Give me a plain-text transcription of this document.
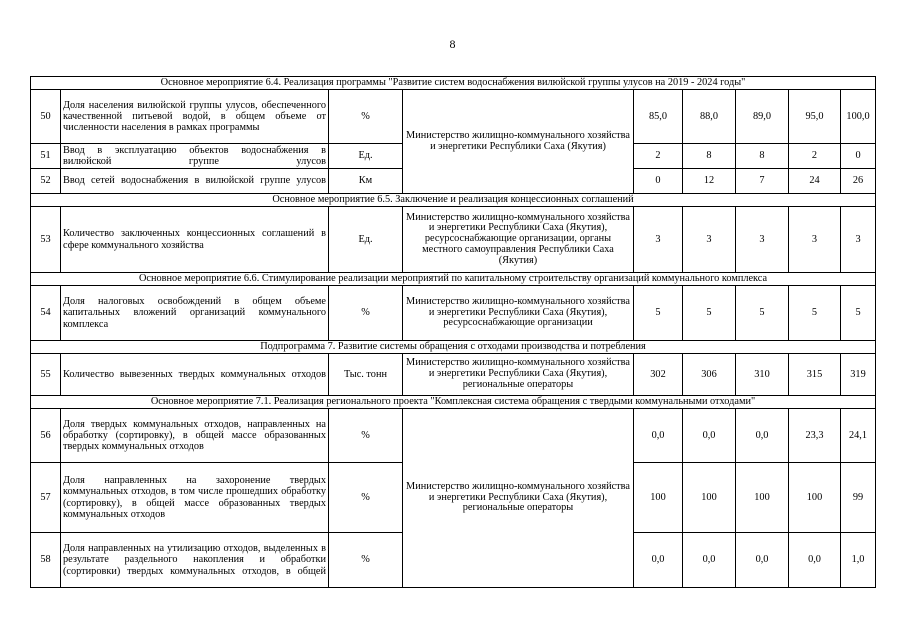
8
Основное мероприятие 6.4. Реализация программы "Развитие систем водоснабжения вилюйской группы улусов на 2019 - 2024 годы"								
50	Доля населения вилюйской группы улусов, обеспеченного качественной питьевой водой, в общем объеме от численности населения в рамках программы	%	Министерство жилищно-коммунального хозяйства и энергетики Республики Саха (Якутия)	85,0	88,0	89,0	95,0	100,0
51	Ввод в эксплуатацию объектов водоснабжения в вилюйской группе улусов	Ед.		2	8	8	2	0
52	Ввод сетей водоснабжения в вилюйской группе улусов	Км		0	12	7	24	26
Основное мероприятие 6.5. Заключение и реализация концессионных соглашений								
53	Количество заключенных концессионных соглашений в сфере коммунального хозяйства	Ед.	Министерство жилищно-коммунального хозяйства и энергетики Республики Саха (Якутия), ресурсоснабжающие организации, органы местного самоуправления Республики Саха (Якутия)	3	3	3	3	3
Основное мероприятие 6.6. Стимулирование реализации мероприятий по капитальному строительству организаций коммунального комплекса								
54	Доля налоговых освобождений в общем объеме капитальных вложений организаций коммунального комплекса	%	Министерство жилищно-коммунального хозяйства и энергетики Республики Саха (Якутия), ресурсоснабжающие организации	5	5	5	5	5
Подпрограмма 7. Развитие системы обращения с отходами производства и потребления								
55	Количество вывезенных твердых коммунальных отходов	Тыс. тонн	Министерство жилищно-коммунального хозяйства и энергетики Республики Саха (Якутия), региональные операторы	302	306	310	315	319
Основное мероприятие 7.1. Реализация регионального проекта "Комплексная система обращения с твердыми коммунальными отходами"								
56	Доля твердых коммунальных отходов, направленных на обработку (сортировку), в общей массе образованных твердых коммунальных отходов	%	Министерство жилищно-коммунального хозяйства и энергетики Республики Саха (Якутия), региональные операторы	0,0	0,0	0,0	23,3	24,1
57	Доля направленных на захоронение твердых коммунальных отходов, в том числе прошедших обработку (сортировку), в общей массе образованных твердых коммунальных отходов	%		100	100	100	100	99
58	Доля направленных на утилизацию отходов, выделенных в результате раздельного накопления и обработки (сортировки) твердых коммунальных отходов, в общей	%		0,0	0,0	0,0	0,0	1,0
